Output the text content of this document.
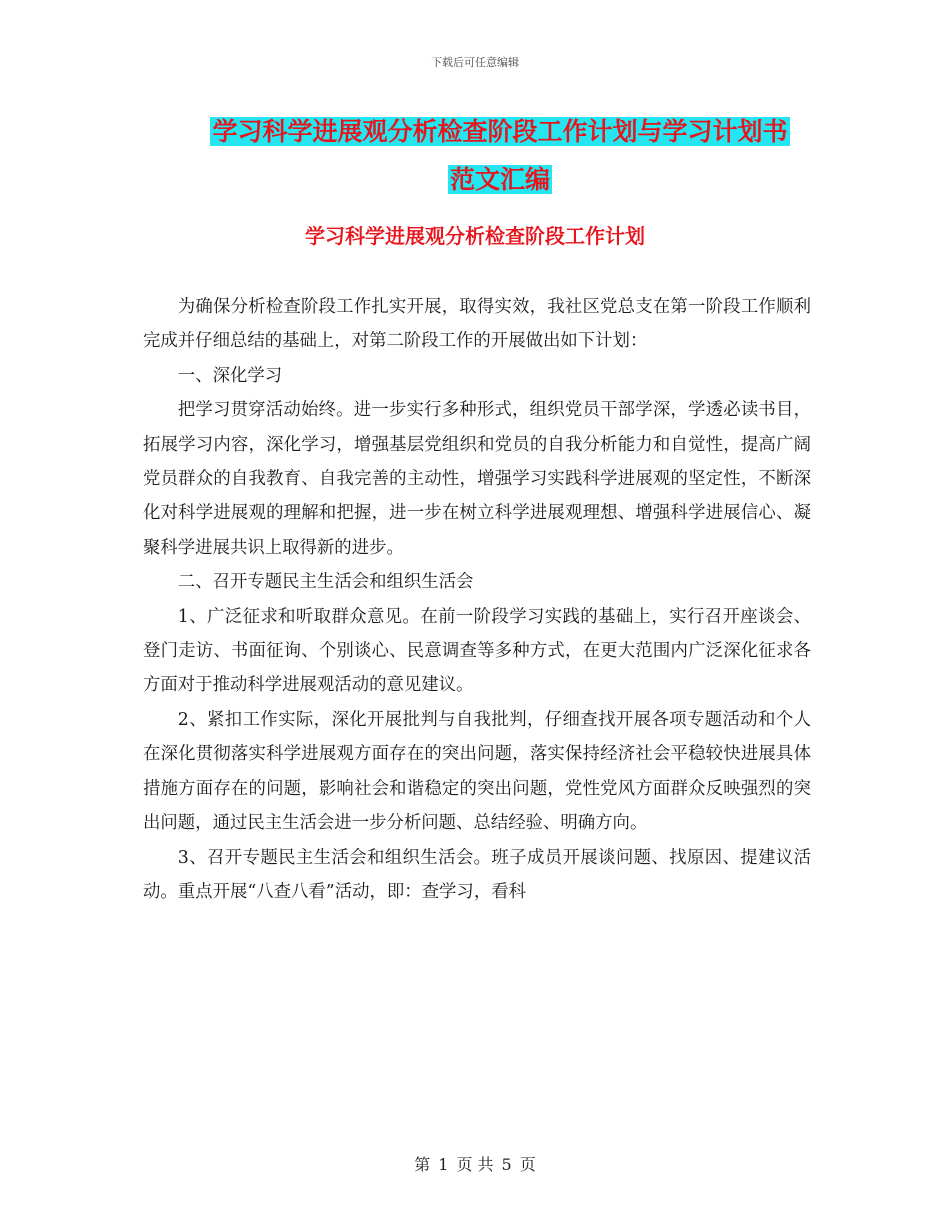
下载后可任意编辑
学习科学进展观分析检查阶段工作计划与学习计划书
范文汇编
学习科学进展观分析检查阶段工作计划

为确保分析检查阶段工作扎实开展，取得实效，我社区党总支在第一阶段工作顺利完成并仔细总结的基础上，对第二阶段工作的开展做出如下计划：

一、深化学习

把学习贯穿活动始终。进一步实行多种形式，组织党员干部学深，学透必读书目，拓展学习内容，深化学习，增强基层党组织和党员的自我分析能力和自觉性，提高广阔党员群众的自我教育、自我完善的主动性，增强学习实践科学进展观的坚定性，不断深化对科学进展观的理解和把握，进一步在树立科学进展观理想、增强科学进展信心、凝聚科学进展共识上取得新的进步。

二、召开专题民主生活会和组织生活会

1、广泛征求和听取群众意见。在前一阶段学习实践的基础上，实行召开座谈会、登门走访、书面征询、个别谈心、民意调查等多种方式，在更大范围内广泛深化征求各方面对于推动科学进展观活动的意见建议。

2、紧扣工作实际，深化开展批判与自我批判，仔细查找开展各项专题活动和个人在深化贯彻落实科学进展观方面存在的突出问题，落实保持经济社会平稳较快进展具体措施方面存在的问题，影响社会和谐稳定的突出问题，党性党风方面群众反映强烈的突出问题，通过民主生活会进一步分析问题、总结经验、明确方向。

3、召开专题民主生活会和组织生活会。班子成员开展谈问题、找原因、提建议活动。重点开展“八查八看”活动，即：查学习，看科

第 1 页 共 5 页
